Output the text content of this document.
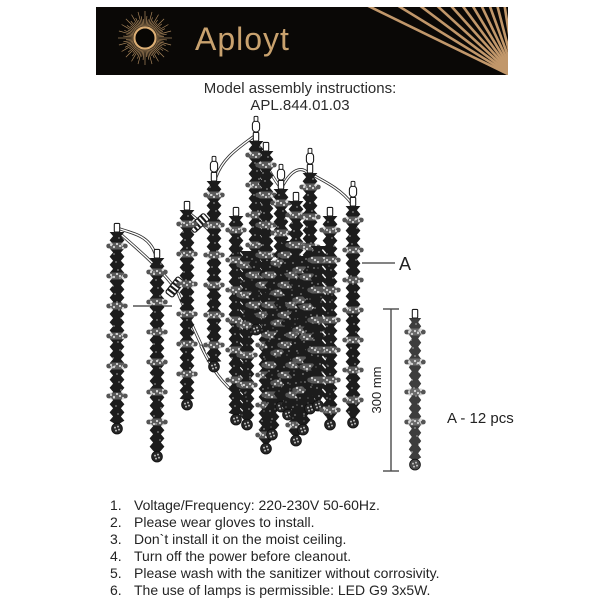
Aployt
Model assembly instructions:
APL.844.01.03
A
300 mm
A - 12 pcs
1. Voltage/Frequency: 220-230V 50-60Hz.
2. Please wear gloves to install.
3. Don`t install it on the moist ceiling.
4. Turn off the power before cleanout.
5. Please wash with the sanitizer without corrosivity.
6. The use of lamps is permissible: LED G9 3x5W.
